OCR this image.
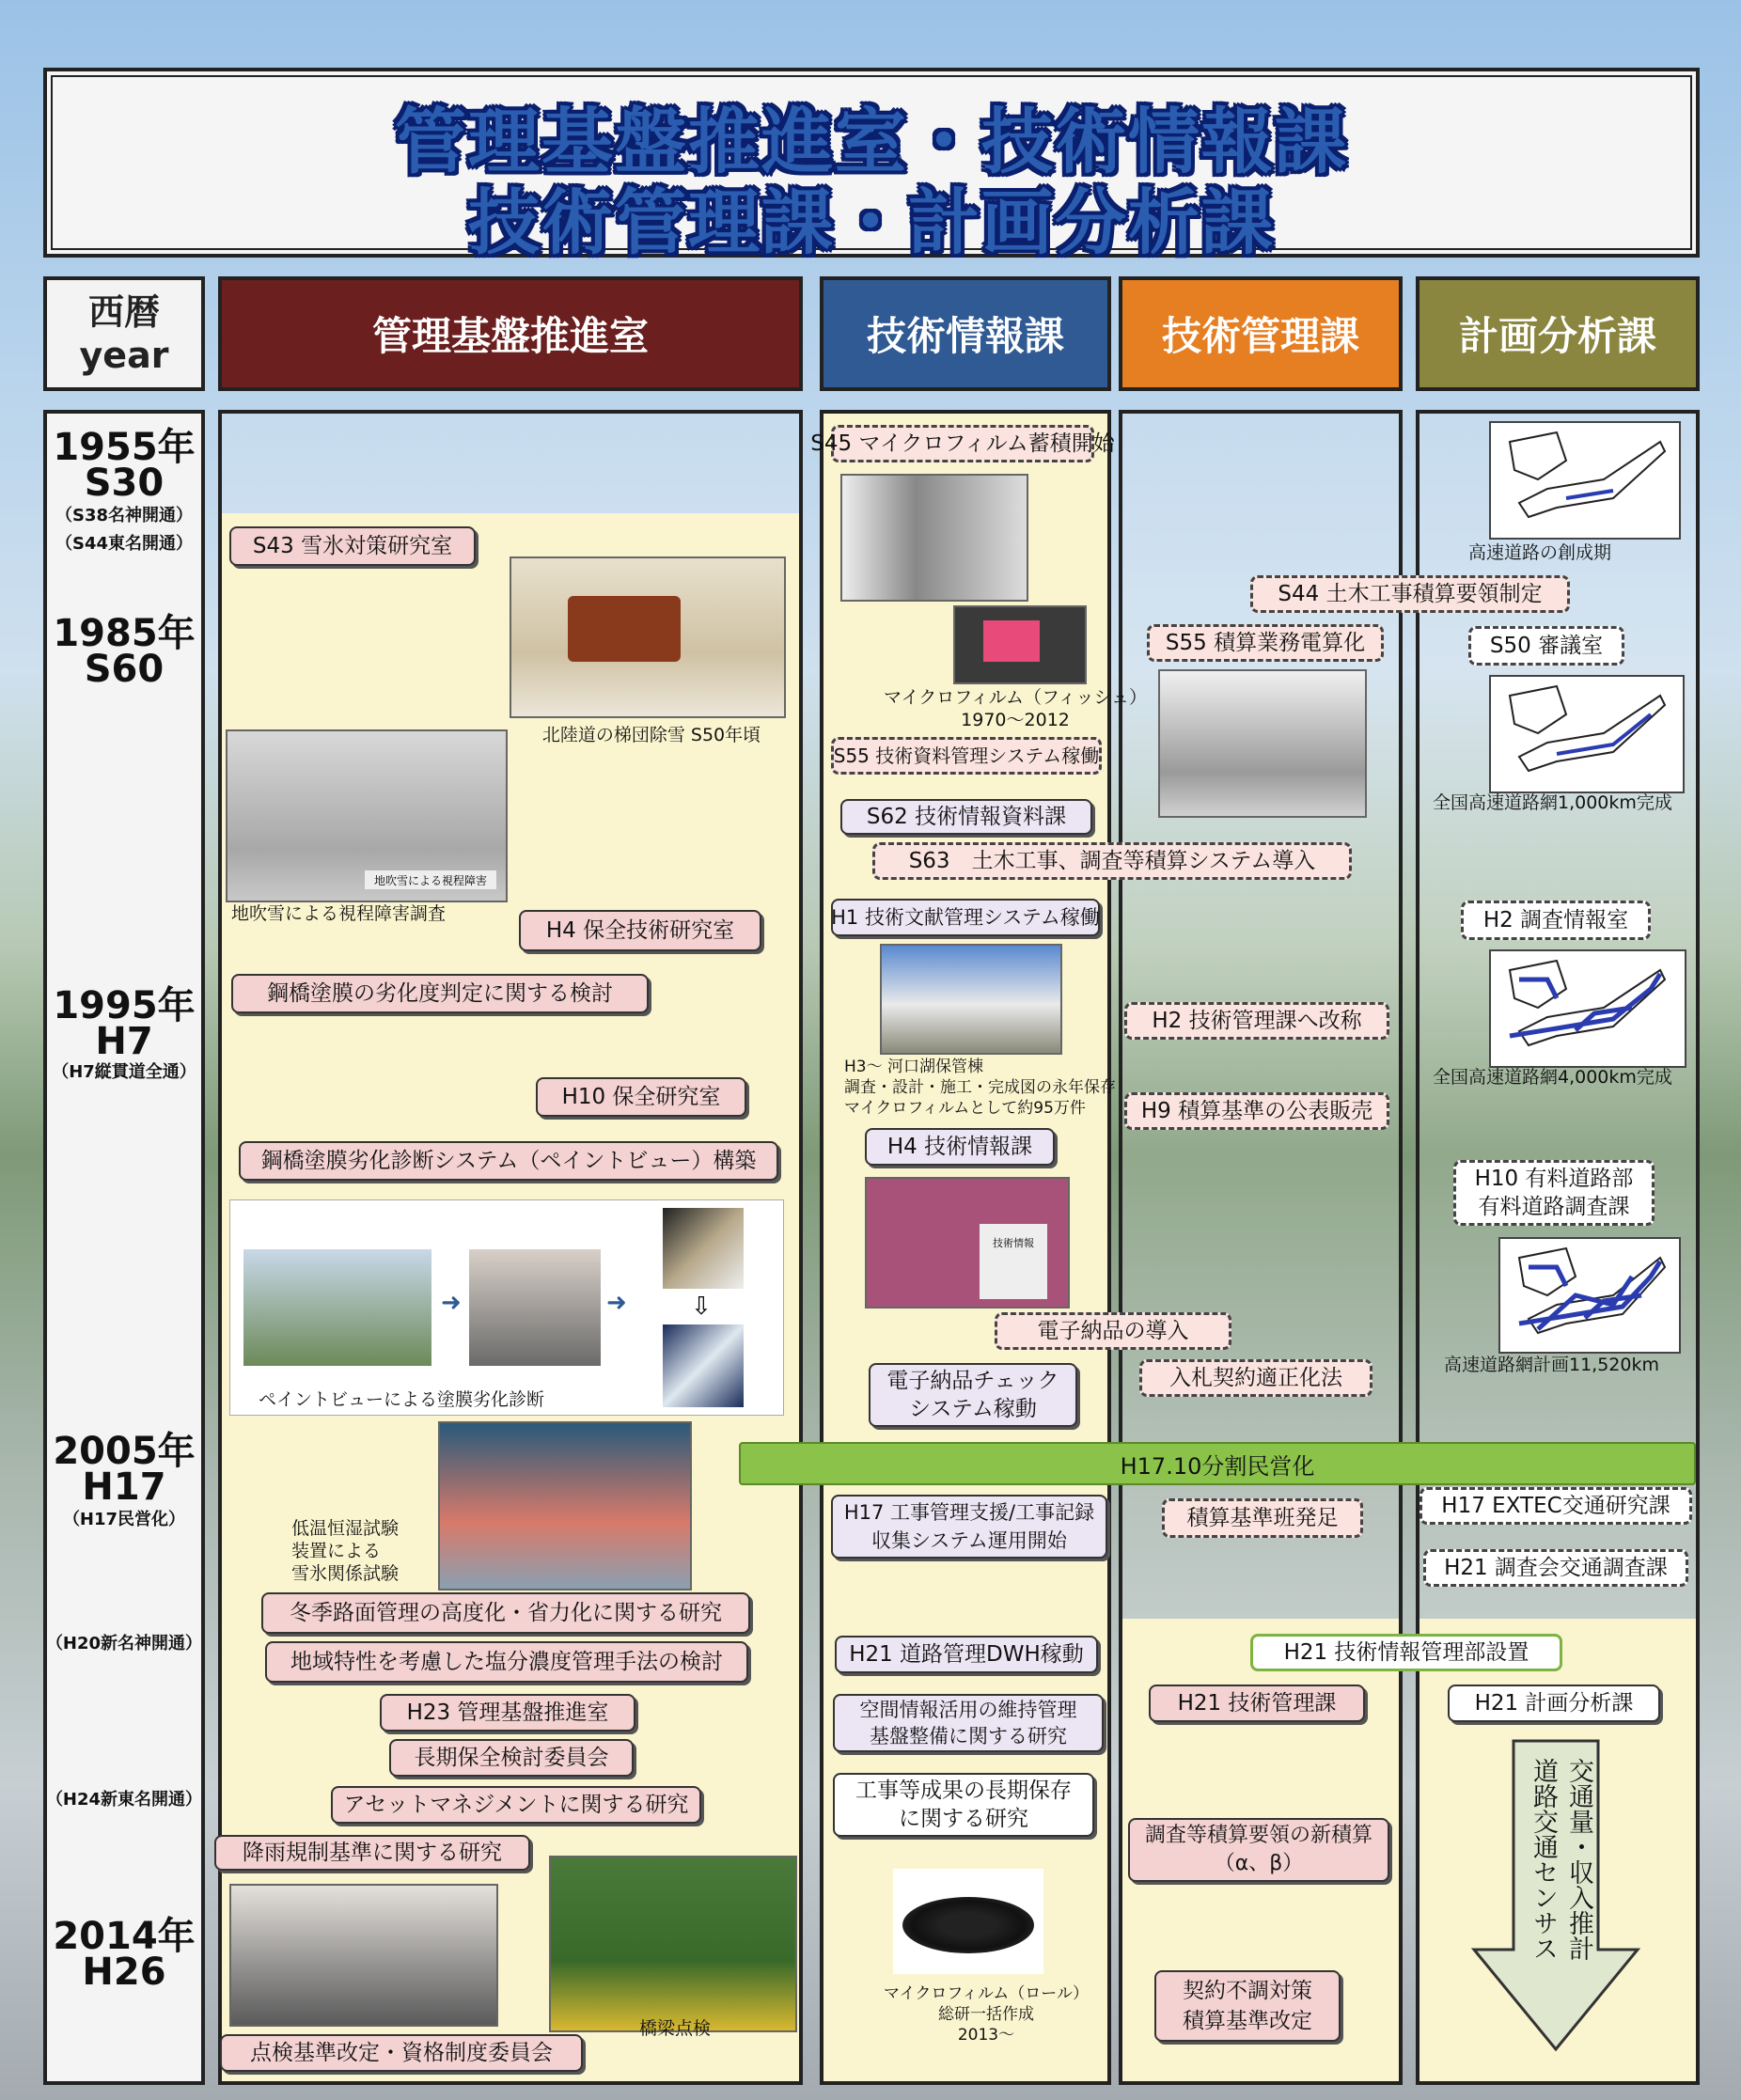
管理基盤推進室・技術情報課
技術管理課・計画分析課
西暦
year	管理基盤推進室	技術情報課	技術管理課	計画分析課
1955年
S30
（S38名神開通）
（S44東名開通）
1985年
S60
1995年
H7
（H7縦貫道全通）
2005年
H17
（H17民営化）
（H20新名神開通）
（H24新東名開通）
2014年
H26
S43 雪氷対策研究室
北陸道の梯団除雪 S50年頃
地吹雪による視程障害
地吹雪による視程障害調査
H4 保全技術研究室
鋼橋塗膜の劣化度判定に関する検討
H10 保全研究室
鋼橋塗膜劣化診断システム（ペイントビュー）構築
➜	➜	⇩
ペイントビューによる塗膜劣化診断
低温恒湿試験
装置による
雪氷関係試験
冬季路面管理の高度化・省力化に関する研究
地域特性を考慮した塩分濃度管理手法の検討
H23 管理基盤推進室
長期保全検討委員会
アセットマネジメントに関する研究
降雨規制基準に関する研究
橋梁点検
点検基準改定・資格制度委員会
S45 マイクロフィルム蓄積開始
マイクロフィルム（フィッシュ）
1970～2012
S55 技術資料管理システム稼働
S62 技術情報資料課
H1 技術文献管理システム稼働
H3～ 河口湖保管棟
調査・設計・施工・完成図の永年保存
マイクロフィルムとして約95万件
H4 技術情報課
技術情報
電子納品チェック
システム稼動
H17 工事管理支援/工事記録
収集システム運用開始
H21 道路管理DWH稼動
空間情報活用の維持管理
基盤整備に関する研究
工事等成果の長期保存
に関する研究
マイクロフィルム（ロール）
総研一括作成
2013～
S44 土木工事積算要領制定
S55 積算業務電算化
S63　土木工事、調査等積算システム導入
H2 技術管理課へ改称
H9 積算基準の公表販売
電子納品の導入
入札契約適正化法
積算基準班発足
H21 技術情報管理部設置
H21 技術管理課
調査等積算要領の新積算
（α、β）
契約不調対策
積算基準改定
高速道路の創成期
S50 審議室
全国高速道路網1,000km完成
H2 調査情報室
全国高速道路網4,000km完成
H10 有料道路部
有料道路調査課
高速道路網計画11,520km
H17 EXTEC交通研究課
H21 調査会交通調査課
H21 計画分析課
交通量・収入推計
道路交通センサス
H17.10分割民営化
